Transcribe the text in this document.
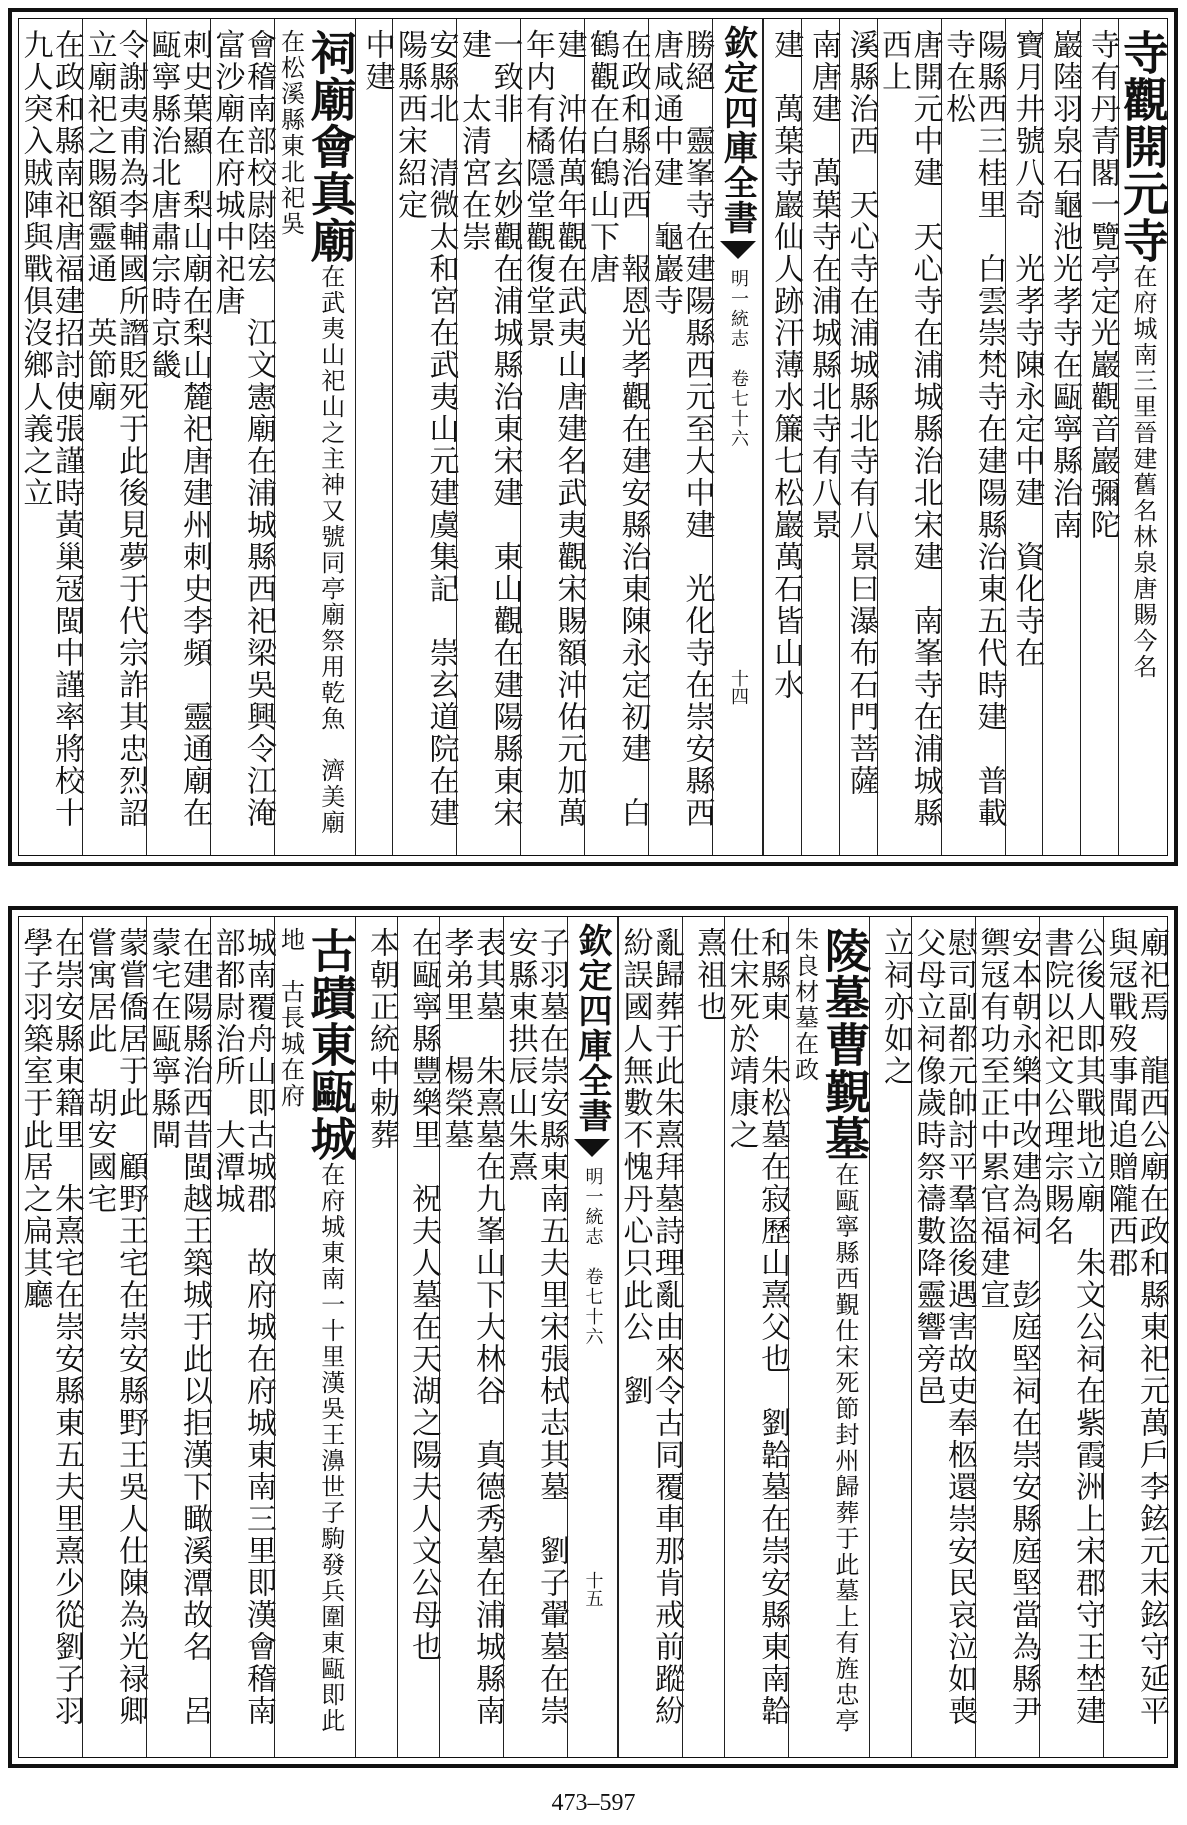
寺觀開元寺在府城南三里晉建舊名林泉唐賜今名
寺有丹青閣一覽亭定光巖觀音巖彌陀
巖陸羽泉石龜池光孝寺在甌寧縣治南
寶月井號八奇　光孝寺陳永定中建　資化寺在
陽縣西三桂里　白雲崇梵寺在建陽縣治東五代時建　普載寺在松
唐開元中建　天心寺在浦城縣治北宋建　南峯寺在浦城縣西上
溪縣治西　天心寺在浦城縣北寺有八景曰瀑布石門菩薩
南唐建　萬葉寺在浦城縣北寺有八景
建　萬葉寺巖仙人跡汗薄水簾七松巖萬石皆山水
欽定四庫全書
明一統志　卷七十六
十四
勝絕　靈峯寺在建陽縣西元至大中建　光化寺在崇安縣西唐咸通中建　龜巖寺
在政和縣治西　報恩光孝觀在建安縣治東陳永定初建　白鶴觀在白鶴山下唐
建　沖佑萬年觀在武夷山唐建名武夷觀宋賜額沖佑元加萬年内有橘隱堂觀復堂景
一致非　玄妙觀在浦城縣治東宋建　東山觀在建陽縣東宋建　太清宮在崇
安縣北　清微太和宮在武夷山元建虞集記　崇玄道院在建陽縣西宋紹定
中建
祠廟會真廟在武夷山祀山之主神又號同亭廟祭用乾魚　濟美廟在松溪縣東北祀吳
會稽南部校尉陸宏　江文憲廟在浦城縣西祀梁吳興令江淹　富沙廟在府城中祀唐
刺史葉顯　梨山廟在梨山麓祀唐建州刺史李頻　靈通廟在甌寧縣治北唐肅宗時京畿
令謝夷甫為李輔國所譖貶死于此後見夢于代宗詐其忠烈詔立廟祀之賜額靈通　英節廟
在政和縣南祀唐福建招討使張謹時黃巢冦閩中謹率將校十九人突入賊陣與戰俱沒鄉人義之立
廟祀焉　龍西公廟在政和縣東祀元萬戶李鉉元末鉉守延平與冦戰歿事聞追贈隴西郡
公後人即其戰地立廟　朱文公祠在紫霞洲上宋郡守王埜建書院以祀文公理宗賜名
安本朝永樂中改建為祠　彭庭堅祠在崇安縣庭堅當為縣尹禦冦有功至正中累官福建宣
慰司副都元帥討平羣盗後遇害故吏奉柩還崇安民哀泣如喪父母立祠像歲時祭禱數降靈響旁邑
立祠亦如之
陵墓曹覲墓在甌寧縣西覲仕宋死節封州歸葬于此墓上有旌忠亭　朱良材墓在政
和縣東　朱松墓在寂歷山熹父也　劉韐墓在崇安縣東南韐仕宋死於靖康之
熹祖也
亂歸葬于此朱熹拜墓詩理亂由來令古同覆車那肯戒前蹤紛紛誤國人無數不愧丹心只此公　劉
欽定四庫全書
明一統志　卷七十六
十五
子羽墓在崇安縣東南五夫里宋張栻志其墓　劉子翬墓在崇安縣東拱辰山朱熹
表其墓　朱熹墓在九峯山下大林谷　真德秀墓在浦城縣南孝弟里　楊榮墓
在甌寧縣豐樂里　祝夫人墓在天湖之陽夫人文公母也
本朝正統中勅葬
古蹟東甌城在府城東南一十里漢吳王濞世子駒發兵圍東甌即此地　古長城在府
城南覆舟山即古城郡　故府城在府城東南三里即漢會稽南部都尉治所　大潭城
在建陽縣治西昔閩越王築城于此以拒漢下瞰溪潭故名　呂蒙宅在甌寧縣閘
蒙嘗僑居于此　顧野王宅在崇安縣野王吳人仕陳為光禄卿嘗寓居此　胡安國宅
在崇安縣東籍里　朱熹宅在崇安縣東五夫里熹少從劉子羽學子羽築室于此居之扁其廳
473–597
